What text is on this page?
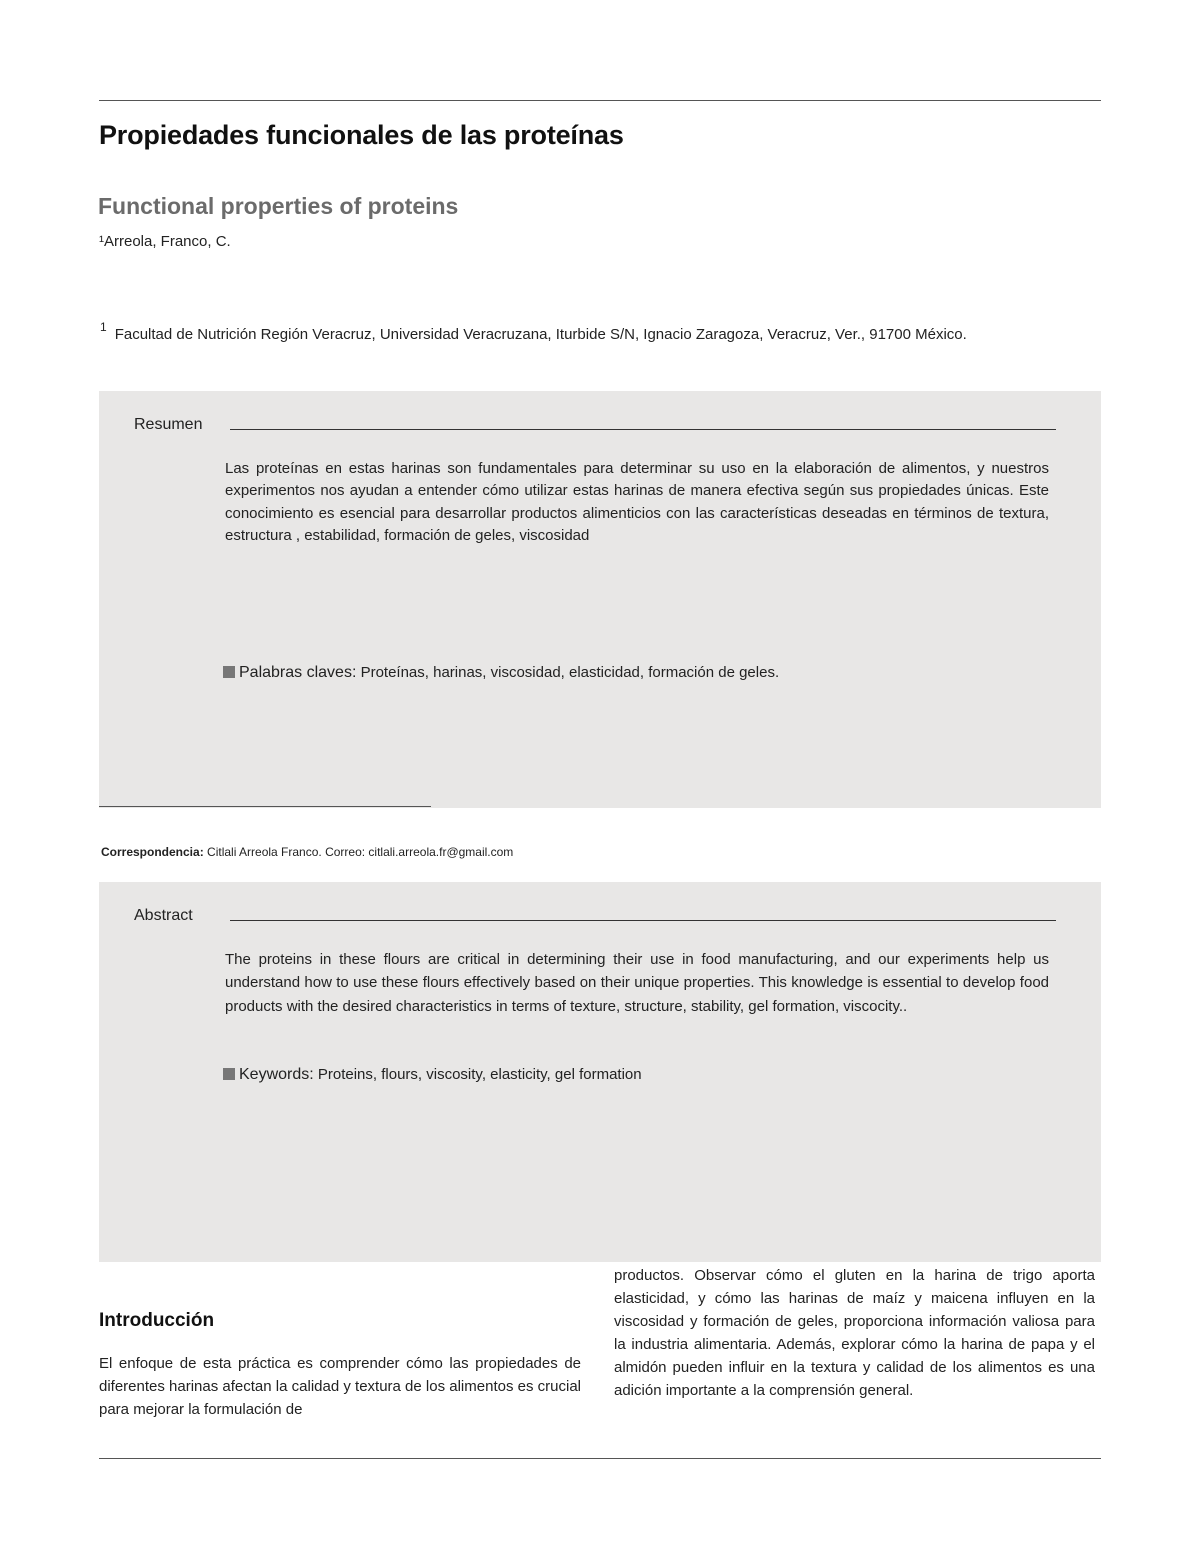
Propiedades funcionales de las proteínas
Functional properties of proteins
¹Arreola, Franco, C.
$^1$ Facultad de Nutrición Región Veracruz, Universidad Veracruzana, Iturbide S/N, Ignacio Zaragoza, Veracruz, Ver., 91700 México.
Resumen
Las proteínas en estas harinas son fundamentales para determinar su uso en la elaboración de alimentos, y nuestros experimentos nos ayudan a entender cómo utilizar estas harinas de manera efectiva según sus propiedades únicas. Este conocimiento es esencial para desarrollar productos alimenticios con las características deseadas en términos de textura, estructura , estabilidad, formación de geles, viscosidad
Palabras claves: Proteínas, harinas, viscosidad, elasticidad, formación de geles.
Correspondencia: Citlali Arreola Franco. Correo: citlali.arreola.fr@gmail.com
Abstract
The proteins in these flours are critical in determining their use in food manufacturing, and our experiments help us understand how to use these flours effectively based on their unique properties. This knowledge is essential to develop food products with the desired characteristics in terms of texture, structure, stability, gel formation, viscocity..
Keywords: Proteins, flours, viscosity, elasticity, gel formation
Introducción
El enfoque de esta práctica es comprender cómo las propiedades de diferentes harinas afectan la calidad y textura de los alimentos es crucial para mejorar la formulación de
productos. Observar cómo el gluten en la harina de trigo aporta elasticidad, y cómo las harinas de maíz y maicena influyen en la viscosidad y formación de geles, proporciona información valiosa para la industria alimentaria. Además, explorar cómo la harina de papa y el almidón pueden influir en la textura y calidad de los alimentos es una adición importante a la comprensión general.
